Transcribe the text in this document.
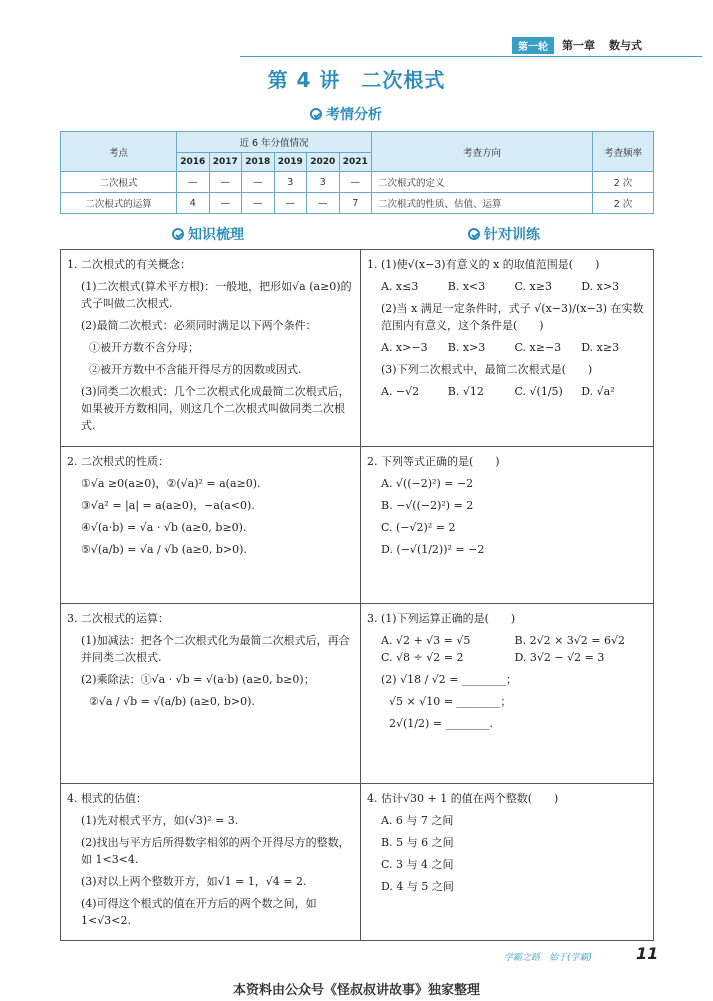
第一轮	第一章 数与式
第 4 讲　二次根式
考情分析
考点	近 6 年分值情况						考查方向	考查频率
	2016	2017	2018	2019	2020	2021		
二次根式	—	—	—	3	3	—	二次根式的定义	2 次
二次根式的运算	4	—	—	—	—	7	二次根式的性质、估值、运算	2 次
知识梳理	针对训练
1. 二次根式的有关概念：
(1)二次根式(算术平方根)：一般地，把形如√a (a≥0)的式子叫做二次根式.
(2)最简二次根式：必须同时满足以下两个条件：
①被开方数不含分母；
②被开方数中不含能开得尽方的因数或因式.
(3)同类二次根式：几个二次根式化成最简二次根式后，如果被开方数相同，则这几个二次根式叫做同类二次根式.
1. (1)使√(x−3)有意义的 x 的取值范围是(　　)
A. x≤3	B. x<3	C. x≥3	D. x>3
(2)当 x 满足一定条件时，式子 √(x−3)/(x−3) 在实数范围内有意义，这个条件是(　　)
A. x>−3	B. x>3	C. x≥−3	D. x≥3
(3)下列二次根式中，最简二次根式是(　　)
A. −√2	B. √12	C. √(1/5)	D. √a²
2. 二次根式的性质：
①√a ≥0(a≥0)，②(√a)² = a(a≥0).
③√a² = |a| = a(a≥0)，−a(a<0).
④√(a·b) = √a · √b (a≥0, b≥0).
⑤√(a/b) = √a / √b (a≥0, b>0).
2. 下列等式正确的是(　　)
A. √((−2)²) = −2
B. −√((−2)²) = 2
C. (−√2)² = 2
D. (−√(1/2))² = −2
3. 二次根式的运算：
(1)加减法：把各个二次根式化为最简二次根式后，再合并同类二次根式.
(2)乘除法：①√a · √b = √(a·b) (a≥0, b≥0)；
②√a / √b = √(a/b) (a≥0, b>0).
3. (1)下列运算正确的是(　　)
A. √2 + √3 = √5	B. 2√2 × 3√2 = 6√2
C. √8 ÷ √2 = 2	D. 3√2 − √2 = 3
(2) √18 / √2 = ________；
√5 × √10 = ________；
2√(1/2) = ________.
4. 根式的估值：
(1)先对根式平方，如(√3)² = 3.
(2)找出与平方后所得数字相邻的两个开得尽方的整数，如 1<3<4.
(3)对以上两个整数开方，如√1 = 1，√4 = 2.
(4)可得这个根式的值在开方后的两个数之间，如 1<√3<2.
4. 估计√30 + 1 的值在两个整数(　　)
A. 6 与 7 之间
B. 5 与 6 之间
C. 3 与 4 之间
D. 4 与 5 之间
学霸之路　始于(学霸)	11
本资料由公众号《怪叔叔讲故事》独家整理
